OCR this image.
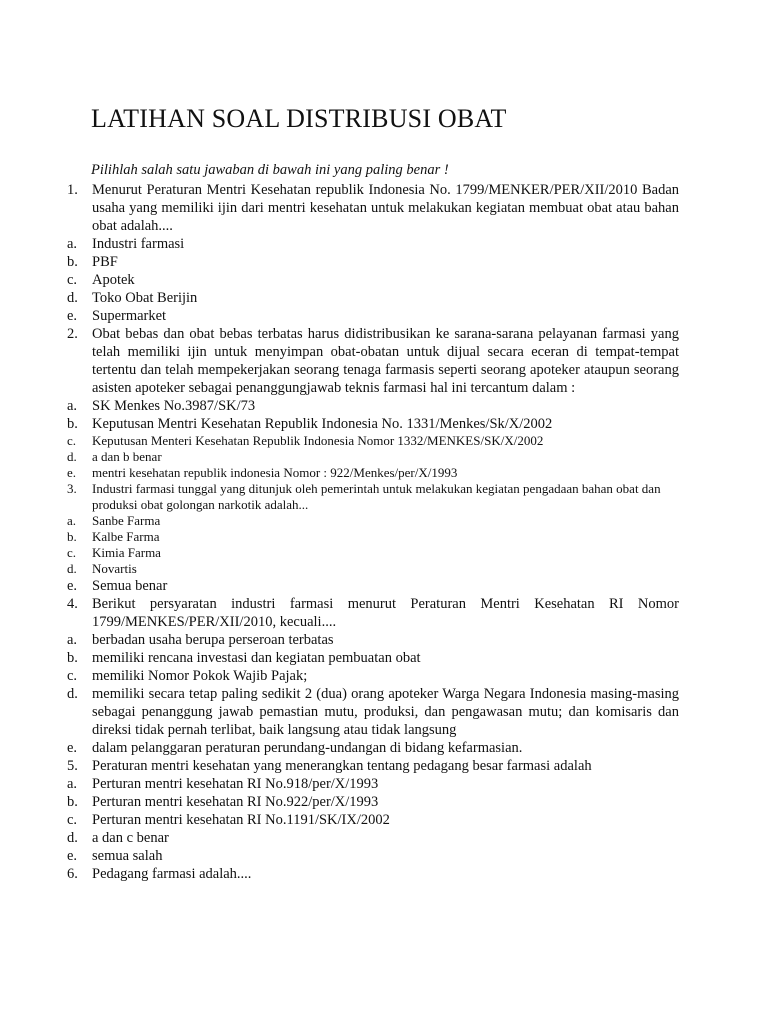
LATIHAN SOAL DISTRIBUSI OBAT
Pilihlah salah satu jawaban di bawah ini yang paling benar !
1. Menurut Peraturan Mentri Kesehatan republik Indonesia No. 1799/MENKER/PER/XII/2010 Badan usaha yang memiliki ijin dari mentri kesehatan untuk melakukan kegiatan membuat obat atau bahan obat adalah....
a.	Industri farmasi
b. PBF
c.	Apotek
d. Toko Obat Berijin
e.	Supermarket
2. Obat bebas dan obat bebas terbatas harus didistribusikan ke sarana-sarana pelayanan farmasi yang telah memiliki ijin untuk menyimpan obat-obatan untuk dijual secara eceran di tempat-tempat tertentu dan telah mempekerjakan seorang tenaga farmasis seperti seorang apoteker ataupun seorang asisten apoteker sebagai penanggungjawab teknis farmasi hal ini tercantum dalam :
a.	SK Menkes No.3987/SK/73
b. Keputusan Mentri Kesehatan Republik Indonesia No. 1331/Menkes/Sk/X/2002
c.	Keputusan Menteri Kesehatan Republik Indonesia Nomor 1332/MENKES/SK/X/2002
d.	a dan b benar
e.	mentri kesehatan republik indonesia Nomor : 922/Menkes/per/X/1993
3.	Industri farmasi tunggal yang ditunjuk oleh pemerintah untuk melakukan kegiatan pengadaan bahan obat dan produksi obat golongan narkotik adalah...
a.	Sanbe Farma
b.	Kalbe Farma
c.	Kimia Farma
d.	Novartis
e.	Semua benar
4. Berikut persyaratan industri farmasi menurut Peraturan Mentri Kesehatan RI Nomor 1799/MENKES/PER/XII/2010, kecuali....
a.	berbadan usaha berupa perseroan terbatas
b. memiliki rencana investasi dan kegiatan pembuatan obat
c.	memiliki Nomor Pokok Wajib Pajak;
d. memiliki secara tetap paling sedikit 2 (dua) orang apoteker Warga Negara Indonesia masing-masing sebagai penanggung jawab pemastian mutu, produksi, dan pengawasan mutu; dan komisaris dan direksi tidak pernah terlibat, baik langsung atau tidak langsung
e.	dalam pelanggaran peraturan perundang-undangan di bidang kefarmasian.
5. Peraturan mentri kesehatan yang menerangkan tentang pedagang besar farmasi adalah
a.	Perturan mentri kesehatan RI No.918/per/X/1993
b. Perturan mentri kesehatan RI No.922/per/X/1993
c.	Perturan mentri kesehatan RI No.1191/SK/IX/2002
d. a dan c benar
e.	semua salah
6. Pedagang farmasi adalah....
